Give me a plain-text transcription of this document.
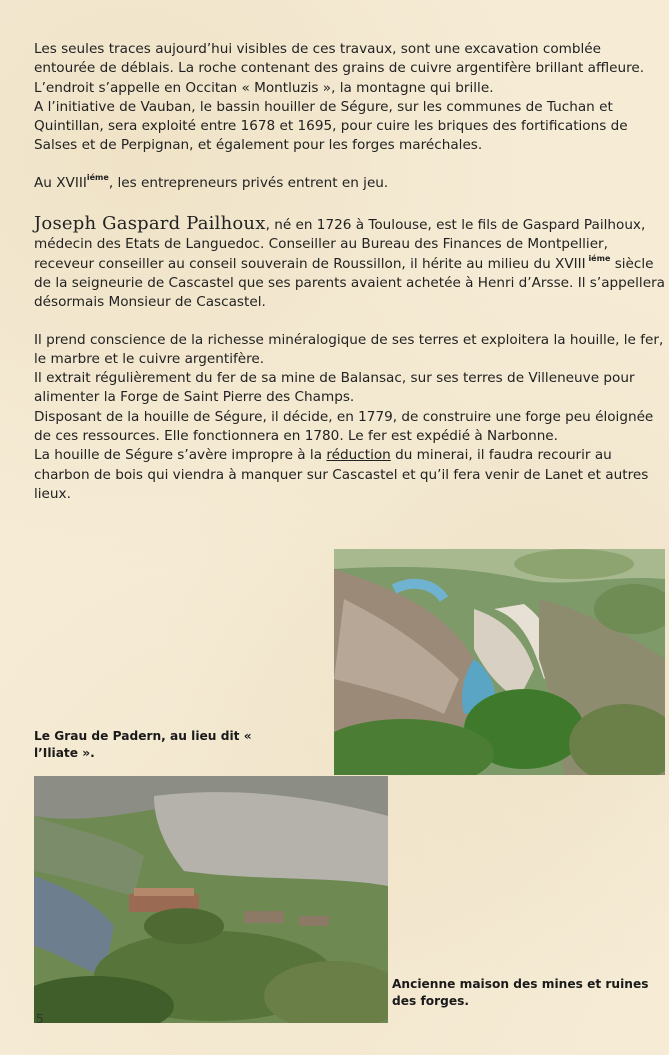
Les seules traces aujourd’hui visibles de ces travaux, sont une excavation comblée entourée de déblais. La roche contenant des grains de cuivre argentifère brillant affleure.

L’endroit s’appelle en Occitan « Montluzis », la montagne qui brille.

A l’initiative de Vauban, le bassin houiller de Ségure, sur les communes de Tuchan et Quintillan, sera exploité entre 1678 et 1695, pour cuire les briques des fortifications de Salses et de Perpignan, et également pour les forges maréchales.

Au $XVIII^{iéme}$, les entrepreneurs privés entrent en jeu.

Joseph Gaspard Pailhoux, né en 1726 à Toulouse, est le fils de Gaspard Pailhoux, médecin des Etats de Languedoc. Conseiller au Bureau des Finances de Montpellier, receveur conseiller au conseil souverain de Roussillon, il hérite au milieu du XVIII $^{iéme}$ siècle de la seigneurie de Cascastel que ses parents avaient achetée à Henri d’Arsse. Il s’appellera désormais Monsieur de Cascastel.

Il prend conscience de la richesse minéralogique de ses terres et exploitera la houille, le fer, le marbre et le cuivre argentifère.

Il extrait régulièrement du fer de sa mine de Balansac, sur ses terres de Villeneuve pour alimenter la Forge de Saint Pierre des Champs.

Disposant de la houille de Ségure, il décide, en 1779, de construire une forge peu éloignée de ces ressources. Elle fonctionnera en 1780. Le fer est expédié à Narbonne.

La houille de Ségure s’avère impropre à la réduction du minerai, il faudra recourir au charbon de bois qui viendra à manquer sur Cascastel et qu’il fera venir de Lanet et autres lieux.

Le Grau de Padern, au lieu dit « l’Iliate ».
Ancienne maison des mines et ruines des forges.
5
